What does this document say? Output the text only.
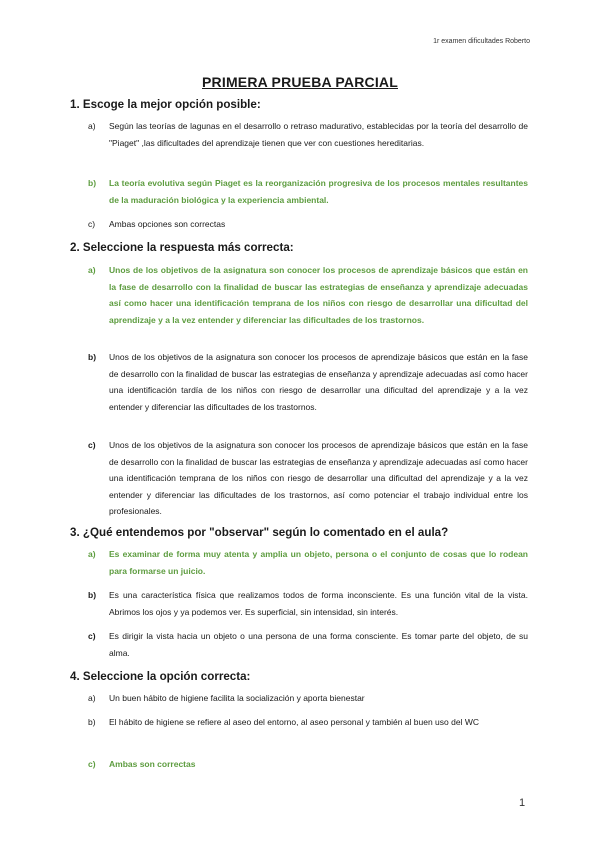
1r examen dificultades Roberto
PRIMERA PRUEBA PARCIAL
1. Escoge la mejor opción posible:
a)	Según las teorías de lagunas en el desarrollo o retraso madurativo, establecidas por la teoría del desarrollo de "Piaget" ,las dificultades del aprendizaje tienen que ver con cuestiones hereditarias.
b)	La teoría evolutiva según Piaget es la reorganización progresiva de los procesos mentales resultantes de la maduración biológica y la experiencia ambiental.
c)	Ambas opciones son correctas
2. Seleccione la respuesta más correcta:
a)	Unos de los objetivos de la asignatura son conocer los procesos de aprendizaje básicos que están en la fase de desarrollo con la finalidad de buscar las estrategias de enseñanza y aprendizaje adecuadas así como hacer una identificación temprana de los niños con riesgo de desarrollar una dificultad del aprendizaje y a la vez entender y diferenciar las dificultades de los trastornos.
b)	Unos de los objetivos de la asignatura son conocer los procesos de aprendizaje básicos que están en la fase de desarrollo con la finalidad de buscar las estrategias de enseñanza y aprendizaje adecuadas así como hacer una identificación tardía de los niños con riesgo de desarrollar una dificultad del aprendizaje y a la vez entender y diferenciar las dificultades de los trastornos.
c)	Unos de los objetivos de la asignatura son conocer los procesos de aprendizaje básicos que están en la fase de desarrollo con la finalidad de buscar las estrategias de enseñanza y aprendizaje adecuadas así como hacer una identificación temprana de los niños con riesgo de desarrollar una dificultad del aprendizaje y a la vez entender y diferenciar las dificultades de los trastornos, así como potenciar el trabajo individual entre los profesionales.
3. ¿Qué entendemos por "observar" según lo comentado en el aula?
a)	Es examinar de forma muy atenta y amplia un objeto, persona o el conjunto de cosas que lo rodean para formarse un juicio.
b)	Es una característica física que realizamos todos de forma inconsciente. Es una función vital de la vista. Abrimos los ojos y ya podemos ver. Es superficial, sin intensidad, sin interés.
c)	Es dirigir la vista hacia un objeto o una persona de una forma consciente. Es tomar parte del objeto, de su alma.
4. Seleccione la opción correcta:
a)	Un buen hábito de higiene facilita la socialización y aporta bienestar
b)	El hábito de higiene se refiere al aseo del entorno, al aseo personal y también al buen uso del WC
c)	Ambas son correctas
1
